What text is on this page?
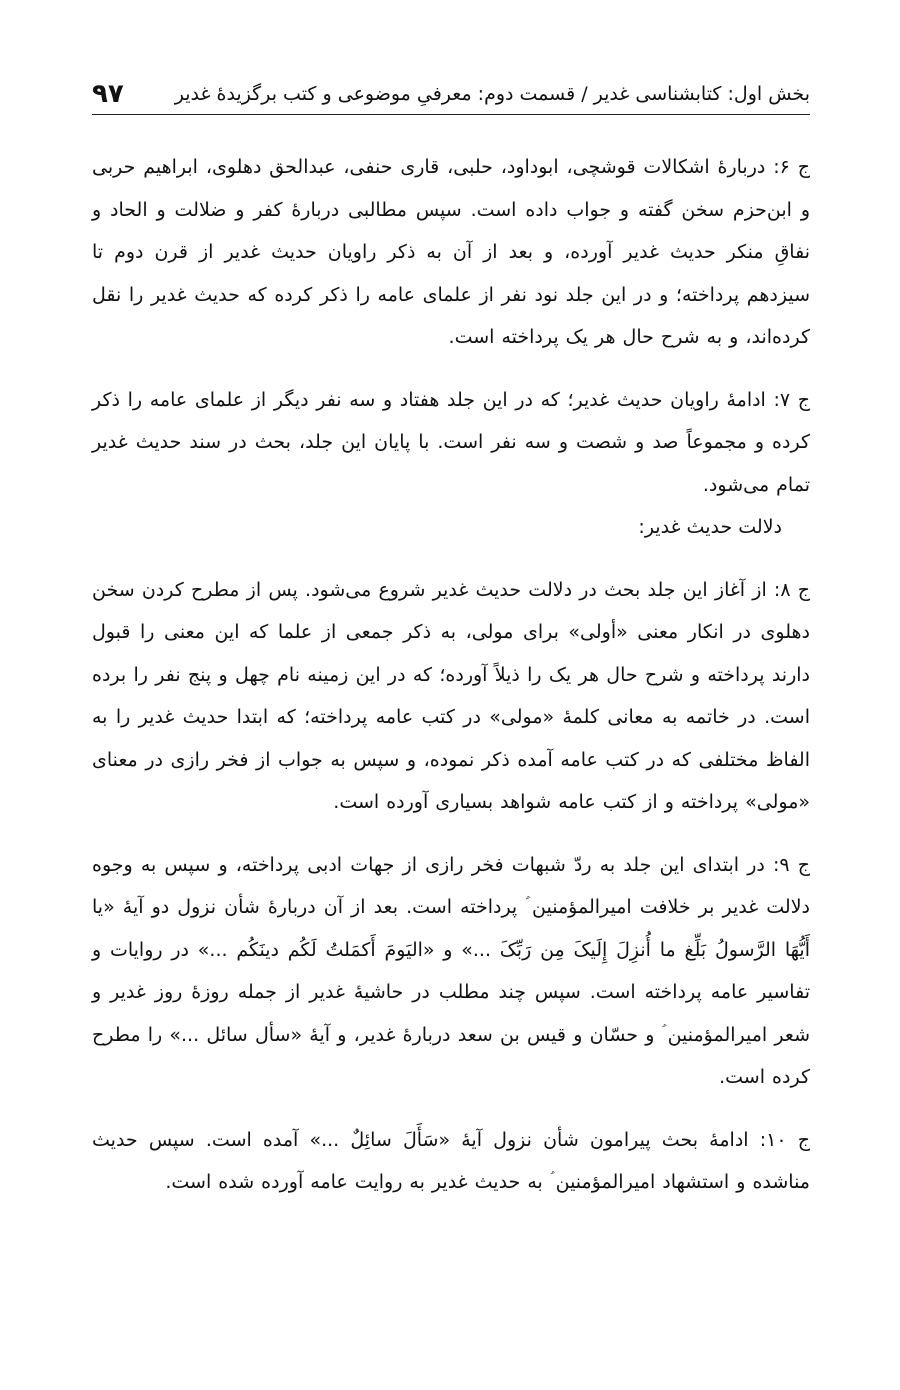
بخش اول: کتابشناسی غدیر / قسمت دوم: معرفیِ موضوعی و کتب برگزیدۀ غدیر
۹۷

ج ۶: دربارۀ اشکالات قوشچی، ابوداود، حلبی، قاری حنفی، عبدالحق دهلوی، ابراهیم حربی و ابن‌حزم سخن گفته و جواب داده است. سپس مطالبی دربارۀ کفر و ضلالت و الحاد و نفاقِ منکر حدیث غدیر آورده، و بعد از آن به ذکر راویان حدیث غدیر از قرن دوم تا سیزدهم پرداخته؛ و در این جلد نود نفر از علمای عامه را ذکر کرده که حدیث غدیر را نقل کرده‌اند، و به شرح حال هر یک پرداخته است.

ج ۷: ادامۀ راویان حدیث غدیر؛ که در این جلد هفتاد و سه نفر دیگر از علمای عامه را ذکر کرده و مجموعاً صد و شصت و سه نفر است. با پایان این جلد، بحث در سند حدیث غدیر تمام می‌شود.

دلالت حدیث غدیر:

ج ۸: از آغاز این جلد بحث در دلالت حدیث غدیر شروع می‌شود. پس از مطرح کردن سخن دهلوی در انکار معنی «أولی» برای مولی، به ذکر جمعی از علما که این معنی را قبول دارند پرداخته و شرح حال هر یک را ذیلاً آورده؛ که در این زمینه نام چهل و پنج نفر را برده است. در خاتمه به معانی کلمۀ «مولی» در کتب عامه پرداخته؛ که ابتدا حدیث غدیر را به الفاظ مختلفی که در کتب عامه آمده ذکر نموده، و سپس به جواب از فخر رازی در معنای «مولی» پرداخته و از کتب عامه شواهد بسیاری آورده است.

ج ۹: در ابتدای این جلد به ردّ شبهات فخر رازی از جهات ادبی پرداخته، و سپس به وجوه دلالت غدیر بر خلافت امیرالمؤمنین ؑ پرداخته است. بعد از آن دربارۀ شأن نزول دو آیۀ «یا أَیُّهَا الرَّسولُ بَلِّغ ما أُنزِلَ إِلَیکَ مِن رَبِّکَ ...» و «الیَومَ أَکمَلتُ لَکُم دینَکُم ...» در روایات و تفاسیر عامه پرداخته است. سپس چند مطلب در حاشیۀ غدیر از جمله روزۀ روز غدیر و شعر امیرالمؤمنین ؑ و حسّان و قیس بن سعد دربارۀ غدیر، و آیۀ «سأل سائل ...» را مطرح کرده است.

ج ۱۰: ادامۀ بحث پیرامون شأن نزول آیۀ «سَأَلَ سائِلٌ ...» آمده است. سپس حدیث مناشده و استشهاد امیرالمؤمنین ؑ به حدیث غدیر به روایت عامه آورده شده است.
